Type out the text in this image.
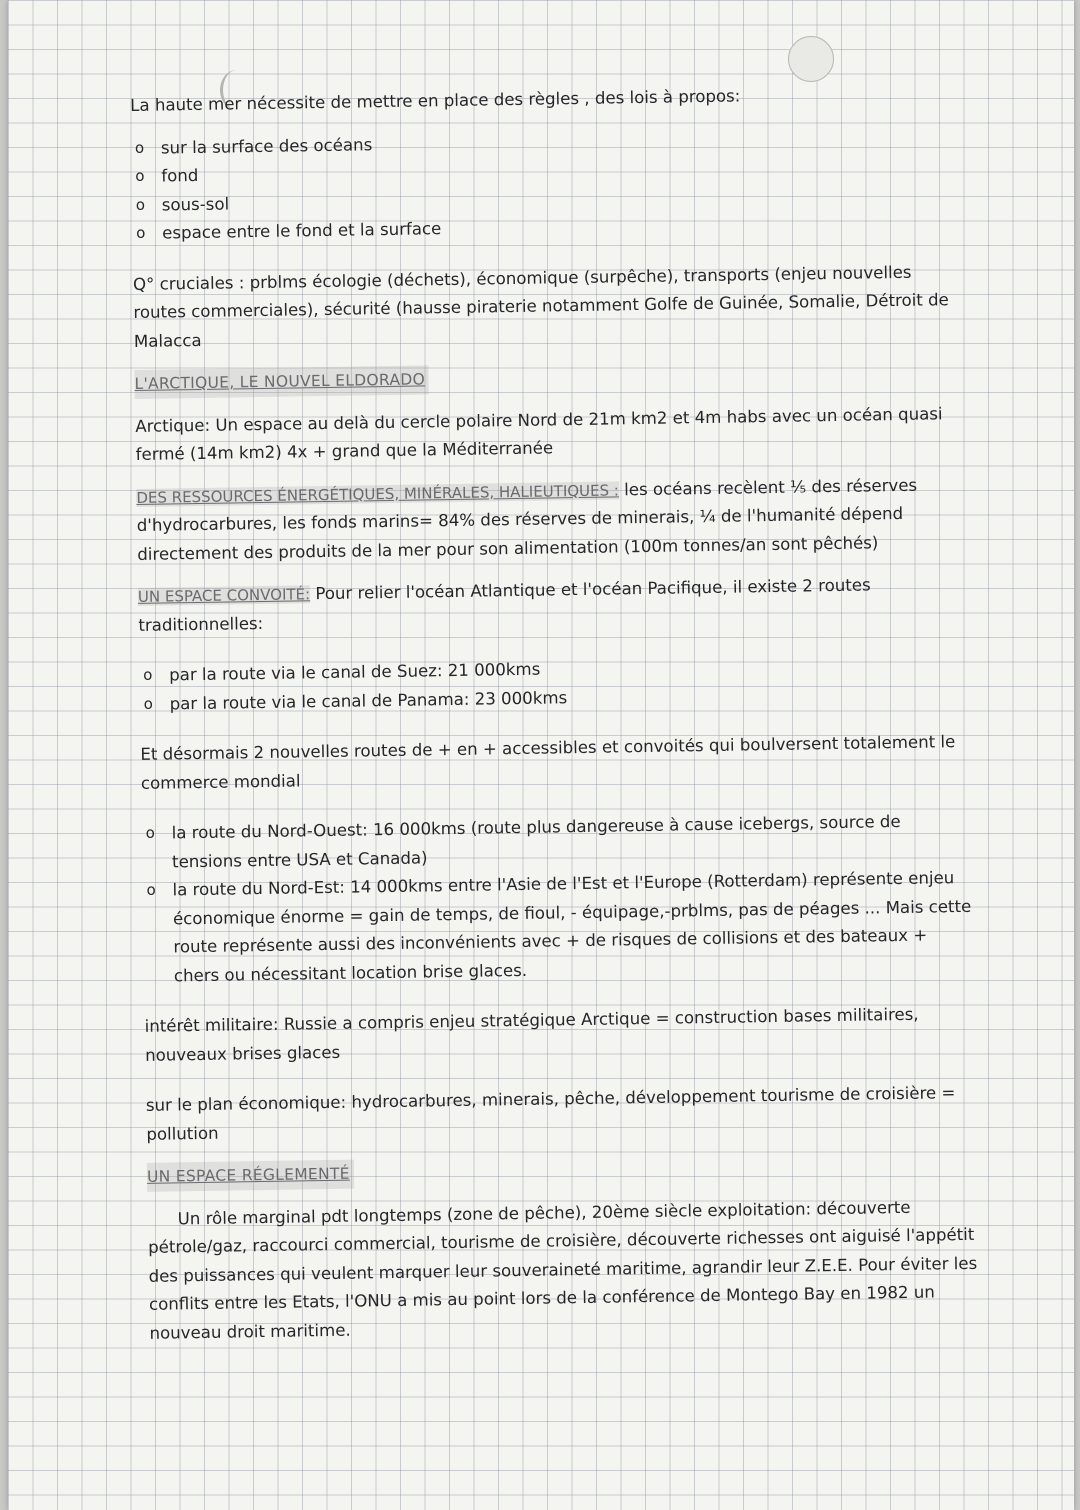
La haute mer nécessite de mettre en place des règles , des lois à propos:

o sur la surface des océans
o fond
o sous-sol
o espace entre le fond et la surface

Q° cruciales : prblms écologie (déchets), économique (surpêche), transports (enjeu nouvelles routes commerciales), sécurité (hausse piraterie notamment Golfe de Guinée, Somalie, Détroit de Malacca

L'ARCTIQUE, LE NOUVEL ELDORADO

Arctique: Un espace au delà du cercle polaire Nord de 21m km2 et 4m habs avec un océan quasi fermé (14m km2) 4x + grand que la Méditerranée

DES RESSOURCES ÉNERGÉTIQUES, MINÉRALES, HALIEUTIQUES : les océans recèlent ⅕ des réserves d'hydrocarbures, les fonds marins= 84% des réserves de minerais, ¼ de l'humanité dépend directement des produits de la mer pour son alimentation (100m tonnes/an sont pêchés)

UN ESPACE CONVOITÉ: Pour relier l'océan Atlantique et l'océan Pacifique, il existe 2 routes traditionnelles:

o par la route via le canal de Suez: 21 000kms
o par la route via le canal de Panama: 23 000kms

Et désormais 2 nouvelles routes de + en + accessibles et convoités qui boulversent totalement le commerce mondial

o la route du Nord-Ouest: 16 000kms (route plus dangereuse à cause icebergs, source de tensions entre USA et Canada)
o la route du Nord-Est: 14 000kms entre l'Asie de l'Est et l'Europe (Rotterdam) représente enjeu économique énorme = gain de temps, de fioul, - équipage,-prblms, pas de péages ... Mais cette route représente aussi des inconvénients avec + de risques de collisions et des bateaux + chers ou nécessitant location brise glaces.

intérêt militaire: Russie a compris enjeu stratégique Arctique = construction bases militaires, nouveaux brises glaces

sur le plan économique: hydrocarbures, minerais, pêche, développement tourisme de croisière = pollution

UN ESPACE RÉGLEMENTÉ

Un rôle marginal pdt longtemps (zone de pêche), 20ème siècle exploitation: découverte pétrole/gaz, raccourci commercial, tourisme de croisière, découverte richesses ont aiguisé l'appétit des puissances qui veulent marquer leur souveraineté maritime, agrandir leur Z.E.E. Pour éviter les conflits entre les Etats, l'ONU a mis au point lors de la conférence de Montego Bay en 1982 un nouveau droit maritime.
